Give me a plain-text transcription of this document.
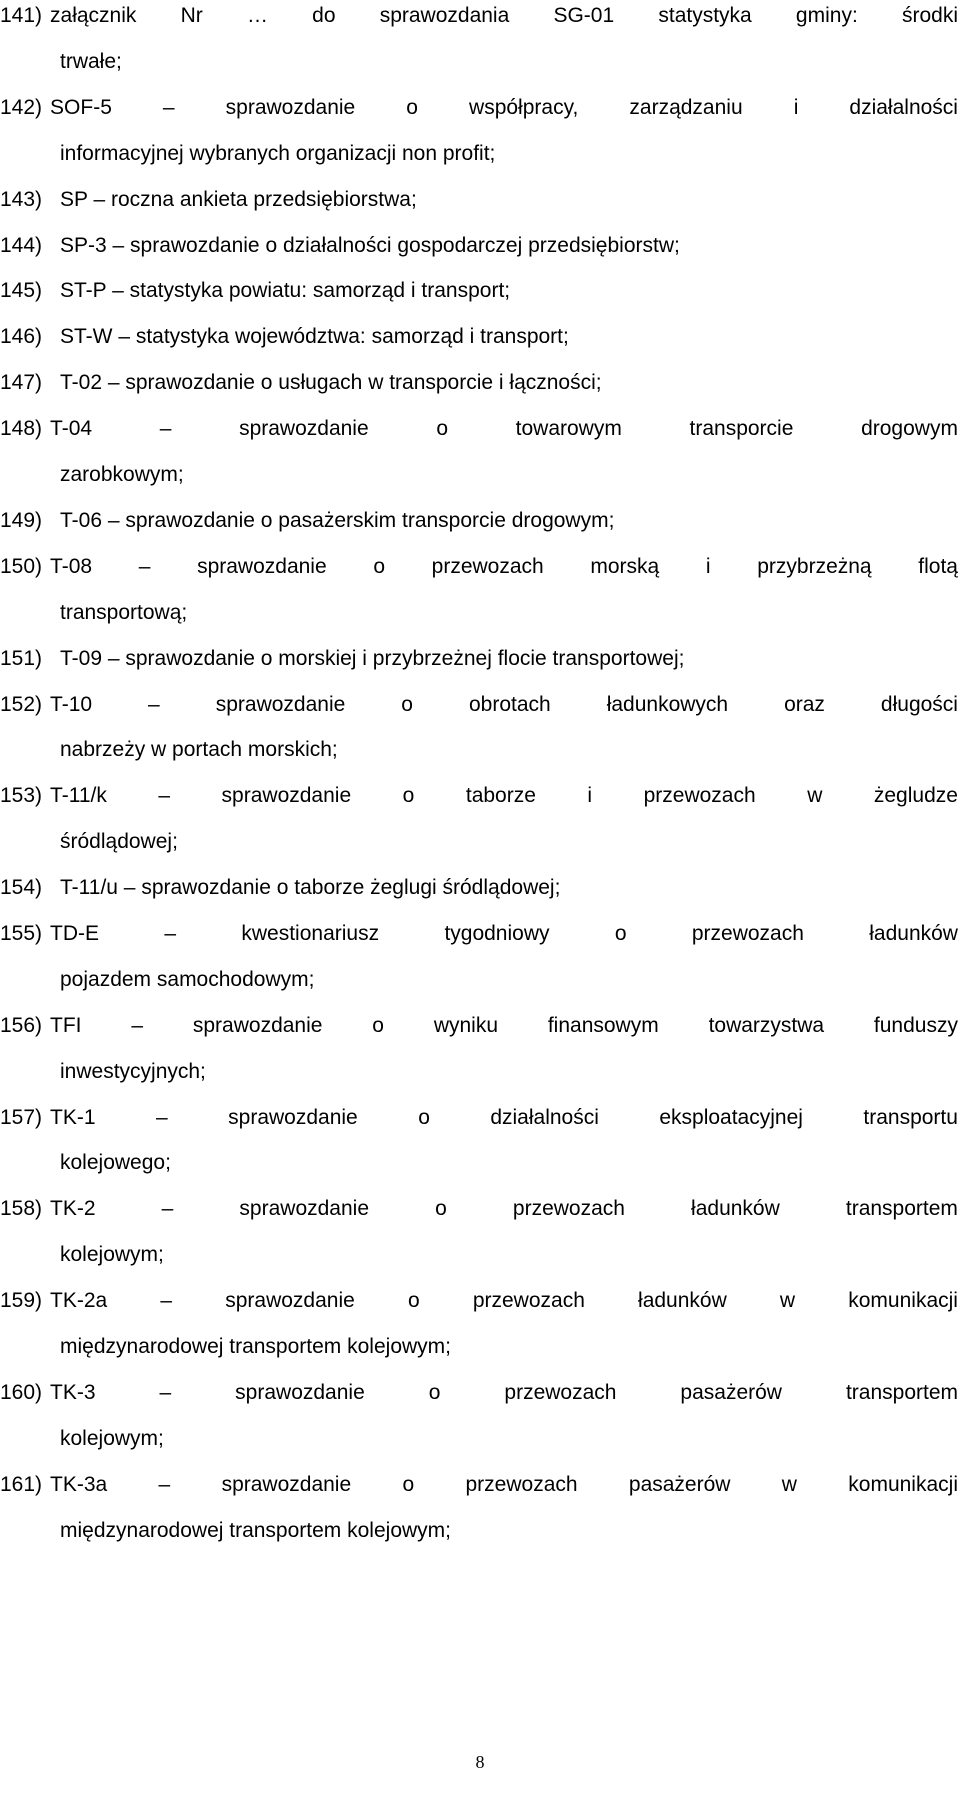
141) załącznik Nr … do sprawozdania SG-01 statystyka gminy: środki
trwałe;
142) SOF-5 – sprawozdanie o współpracy, zarządzaniu i działalności
informacyjnej wybranych organizacji non profit;
143) SP – roczna ankieta przedsiębiorstwa;
144) SP-3 – sprawozdanie o działalności gospodarczej przedsiębiorstw;
145) ST-P – statystyka powiatu: samorząd i transport;
146) ST-W – statystyka województwa: samorząd i transport;
147) T-02 – sprawozdanie o usługach w transporcie i łączności;
148) T-04	–	sprawozdanie	o	towarowym	transporcie	drogowym
zarobkowym;
149) T-06 – sprawozdanie o pasażerskim transporcie drogowym;
150) T-08 – sprawozdanie o przewozach morską i przybrzeżną flotą
transportową;
151) T-09 – sprawozdanie o morskiej i przybrzeżnej flocie transportowej;
152) T-10	–	sprawozdanie	o	obrotach	ładunkowych	oraz	długości
nabrzeży w portach morskich;
153) T-11/k – sprawozdanie o taborze i przewozach w żegludze
śródlądowej;
154) T-11/u – sprawozdanie o taborze żeglugi śródlądowej;
155) TD-E	–	kwestionariusz	tygodniowy	o	przewozach	ładunków
pojazdem samochodowym;
156) TFI – sprawozdanie o wyniku finansowym towarzystwa funduszy
inwestycyjnych;
157) TK-1	–	sprawozdanie	o	działalności	eksploatacyjnej	transportu
kolejowego;
158) TK-2	–	sprawozdanie	o	przewozach	ładunków	transportem
kolejowym;
159) TK-2a	–	sprawozdanie	o	przewozach	ładunków	w	komunikacji
międzynarodowej transportem kolejowym;
160) TK-3	–	sprawozdanie	o	przewozach	pasażerów	transportem
kolejowym;
161) TK-3a – sprawozdanie o przewozach pasażerów w komunikacji
międzynarodowej transportem kolejowym;
8
